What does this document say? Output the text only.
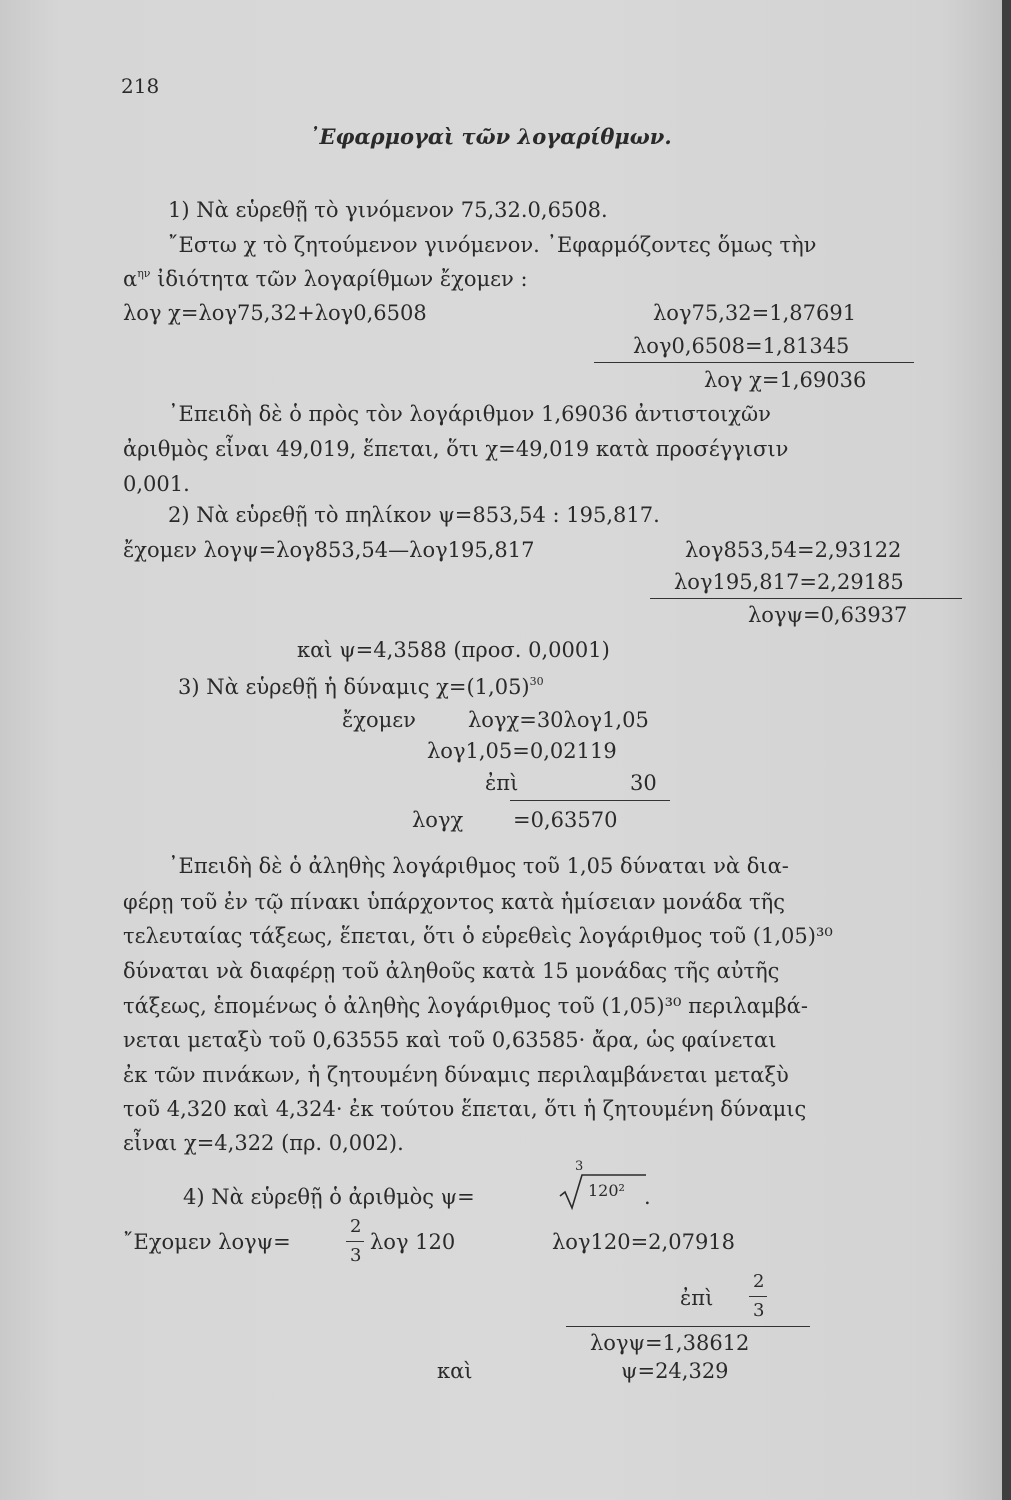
218
᾿Εφαρμογαὶ τῶν λογαρίθμων.
1) Νὰ εὑρεθῇ τὸ γινόμενον 75,32.0,6508.
῎Εστω χ τὸ ζητούμενον γινόμενον. ᾿Εφαρμόζοντες ὅμως τὴν
$\alpha^{\eta\nu}$ ἰδιότητα τῶν λογαρίθμων ἔχομεν :
λογ χ=λογ75,32+λογ0,6508	λογ75,32=1,87691
λογ0,6508=1,81345
λογ χ=1,69036
᾿Επειδὴ δὲ ὁ πρὸς τὸν λογάριθμον 1,69036 ἀντιστοιχῶν
ἀριθμὸς εἶναι 49,019, ἕπεται, ὅτι χ=49,019 κατὰ προσέγγισιν
0,001.
2) Νὰ εὑρεθῇ τὸ πηλίκον ψ=853,54 : 195,817.
ἔχομεν λογψ=λογ853,54—λογ195,817	λογ853,54=2,93122
λογ195,817=2,29185
λογψ=0,63937
καὶ ψ=4,3588 (προσ. 0,0001)
3) Νὰ εὑρεθῇ ἡ δύναμις $\chi=(1,05)^{30}$
ἔχομεν λογχ=30λογ1,05
λογ1,05=0,02119
ἐπὶ	30
λογχ =0,63570
᾿Επειδὴ δὲ ὁ ἀληθὴς λογάριθμος τοῦ 1,05 δύναται νὰ δια-
φέρῃ τοῦ ἐν τῷ πίνακι ὑπάρχοντος κατὰ ἡμίσειαν μονάδα τῆς
τελευταίας τάξεως, ἕπεται, ὅτι ὁ εὑρεθεὶς λογάριθμος τοῦ (1,05)³⁰
δύναται νὰ διαφέρῃ τοῦ ἀληθοῦς κατὰ 15 μονάδας τῆς αὐτῆς
τάξεως, ἑπομένως ὁ ἀληθὴς λογάριθμος τοῦ (1,05)³⁰ περιλαμβά-
νεται μεταξὺ τοῦ 0,63555 καὶ τοῦ 0,63585· ἄρα, ὡς φαίνεται
ἐκ τῶν πινάκων, ἡ ζητουμένη δύναμις περιλαμβάνεται μεταξὺ
τοῦ 4,320 καὶ 4,324· ἐκ τούτου ἕπεται, ὅτι ἡ ζητουμένη δύναμις
εἶναι χ=4,322 (πρ. 0,002).
4) Νὰ εὑρεθῇ ὁ ἀριθμὸς ψ=
3
120² .
῎Εχομεν λογψ=
2
3
λογ 120	λογ120=2,07918
ἐπὶ
2
3
λογψ=1,38612
καὶ	ψ=24,329
